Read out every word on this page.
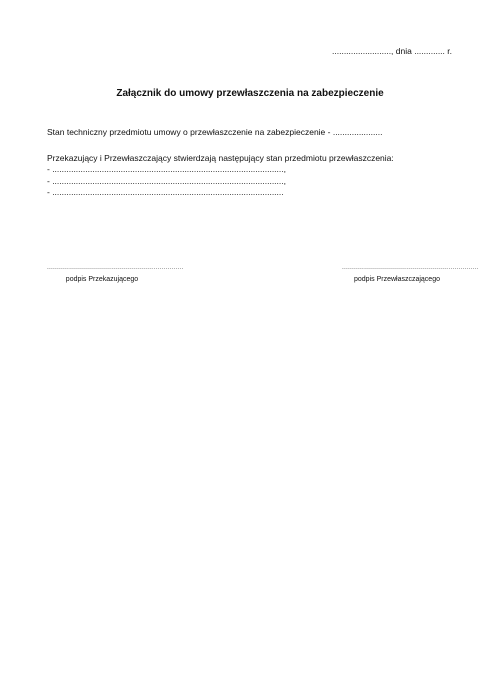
........................., dnia ............. r.
Załącznik do umowy przewłaszczenia na zabezpieczenie
Stan techniczny przedmiotu umowy o przewłaszczenie na zabezpieczenie - .....................
Przekazujący i Przewłaszczający stwierdzają następujący stan przedmiotu przewłaszczenia:
- ..................................................................................................,
- ..................................................................................................,
- ..................................................................................................
....................................................................
podpis Przekazującego
....................................................................
podpis Przewłaszczającego
